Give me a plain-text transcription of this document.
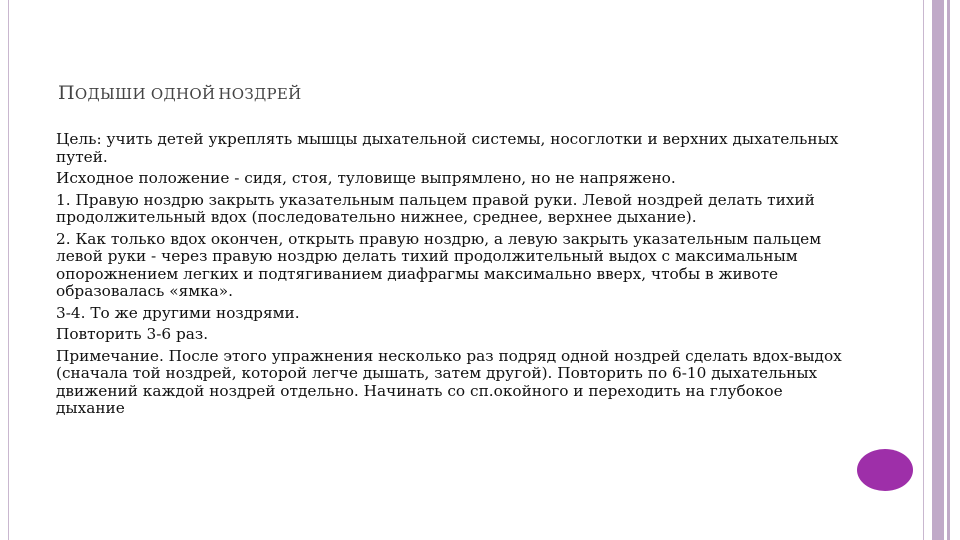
ПОДЫШИ ОДНОЙ НОЗДРЕЙ

Цель: учить детей укреплять мышцы дыхательной системы, носоглотки и верхних дыхательных путей.

Исходное положение - сидя, стоя, туловище выпрямлено, но не напряжено.

1. Правую ноздрю закрыть указательным пальцем правой руки. Левой ноздрей делать тихий продолжительный вдох (последовательно нижнее, среднее, верхнее дыхание).

2. Как только вдох окончен, открыть правую ноздрю, а левую закрыть указательным пальцем левой руки - через правую ноздрю делать тихий продолжительный выдох с максимальным опорожнением легких и подтягиванием диафрагмы максимально вверх, чтобы в животе образовалась «ямка».

3-4. То же другими ноздрями.

Повторить 3-6 раз.

Примечание. После этого упражнения несколько раз подряд одной ноздрей сделать вдох-выдох (сначала той ноздрей, которой легче дышать, затем другой). Повторить по 6-10 дыхательных движений каждой ноздрей отдельно. Начинать со сп.окойного и переходить на глубокое дыхание
